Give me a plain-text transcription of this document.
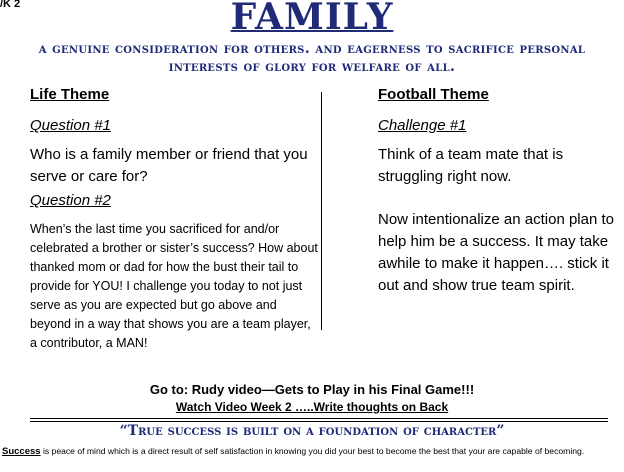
/K 2	FAMILY
a genuine consideration for others. and eagerness to sacrifice personal interests of glory for welfare of all.
Life Theme
Question #1
Who is a family member or friend that you serve or care for?
Question #2
When’s the last time you sacrificed for and/or celebrated a brother or sister’s success? How about thanked mom or dad for how the bust their tail to provide for YOU! I challenge you today to not just serve as you are expected but go above and beyond in a way that shows you are a team player, a contributor, a MAN!
Football Theme
Challenge #1
Think of a team mate that is struggling right now.
Now intentionalize an action plan to help him be a success. It may take awhile to make it happen…. stick it out and show true team spirit.
Go to: Rudy video—Gets to Play in his Final Game!!!
Watch Video Week 2 …..Write thoughts on Back
“True success is built on a foundation of character”
Success is peace of mind which is a direct result of self satisfaction in knowing you did your best to become the best that your are capable of becoming.
